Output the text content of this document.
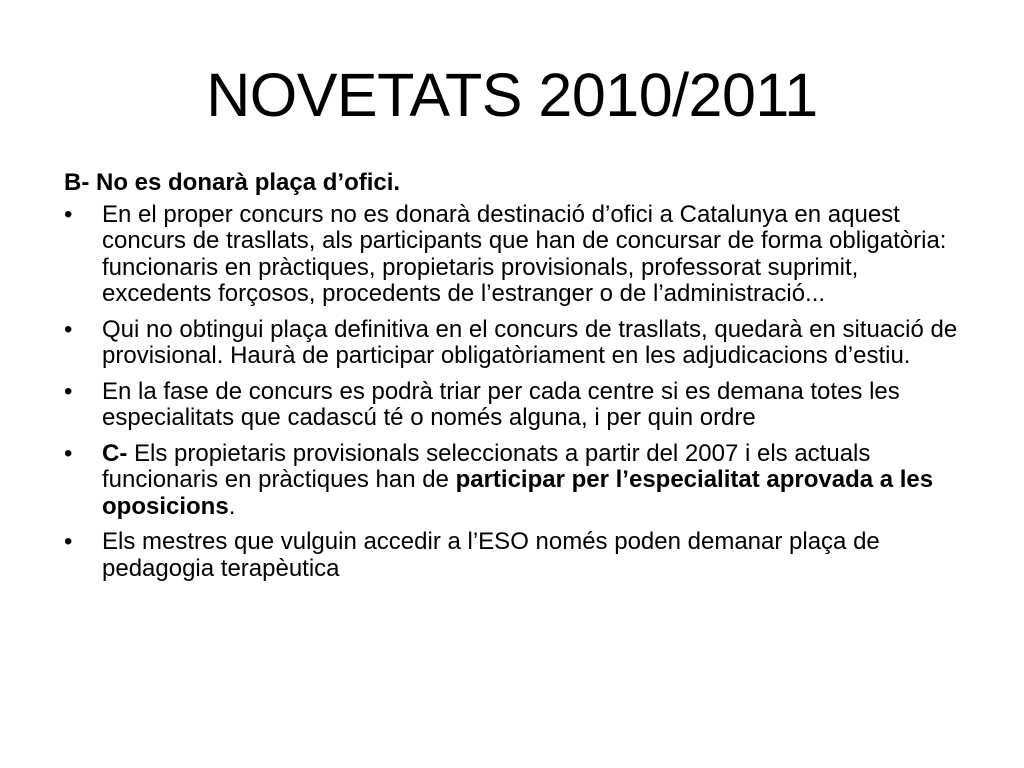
NOVETATS 2010/2011
B- No es donarà plaça d’ofici.
•	En el proper concurs no es donarà destinació d’ofici a Catalunya en aquest concurs de trasllats, als participants que han de concursar de forma obligatòria: funcionaris en pràctiques, propietaris provisionals, professorat suprimit, excedents forçosos, procedents de l’estranger o de l’administració...
•	Qui no obtingui plaça definitiva en el concurs de trasllats, quedarà en situació de provisional. Haurà de participar obligatòriament en les adjudicacions d’estiu.
•	En la fase de concurs es podrà triar per cada centre si es demana totes les especialitats que cadascú té o només alguna, i per quin ordre
•	C- Els propietaris provisionals seleccionats a partir del 2007 i els actuals funcionaris en pràctiques han de participar per l’especialitat aprovada a les oposicions.
•	Els mestres que vulguin accedir a l’ESO només poden demanar plaça de pedagogia terapèutica
